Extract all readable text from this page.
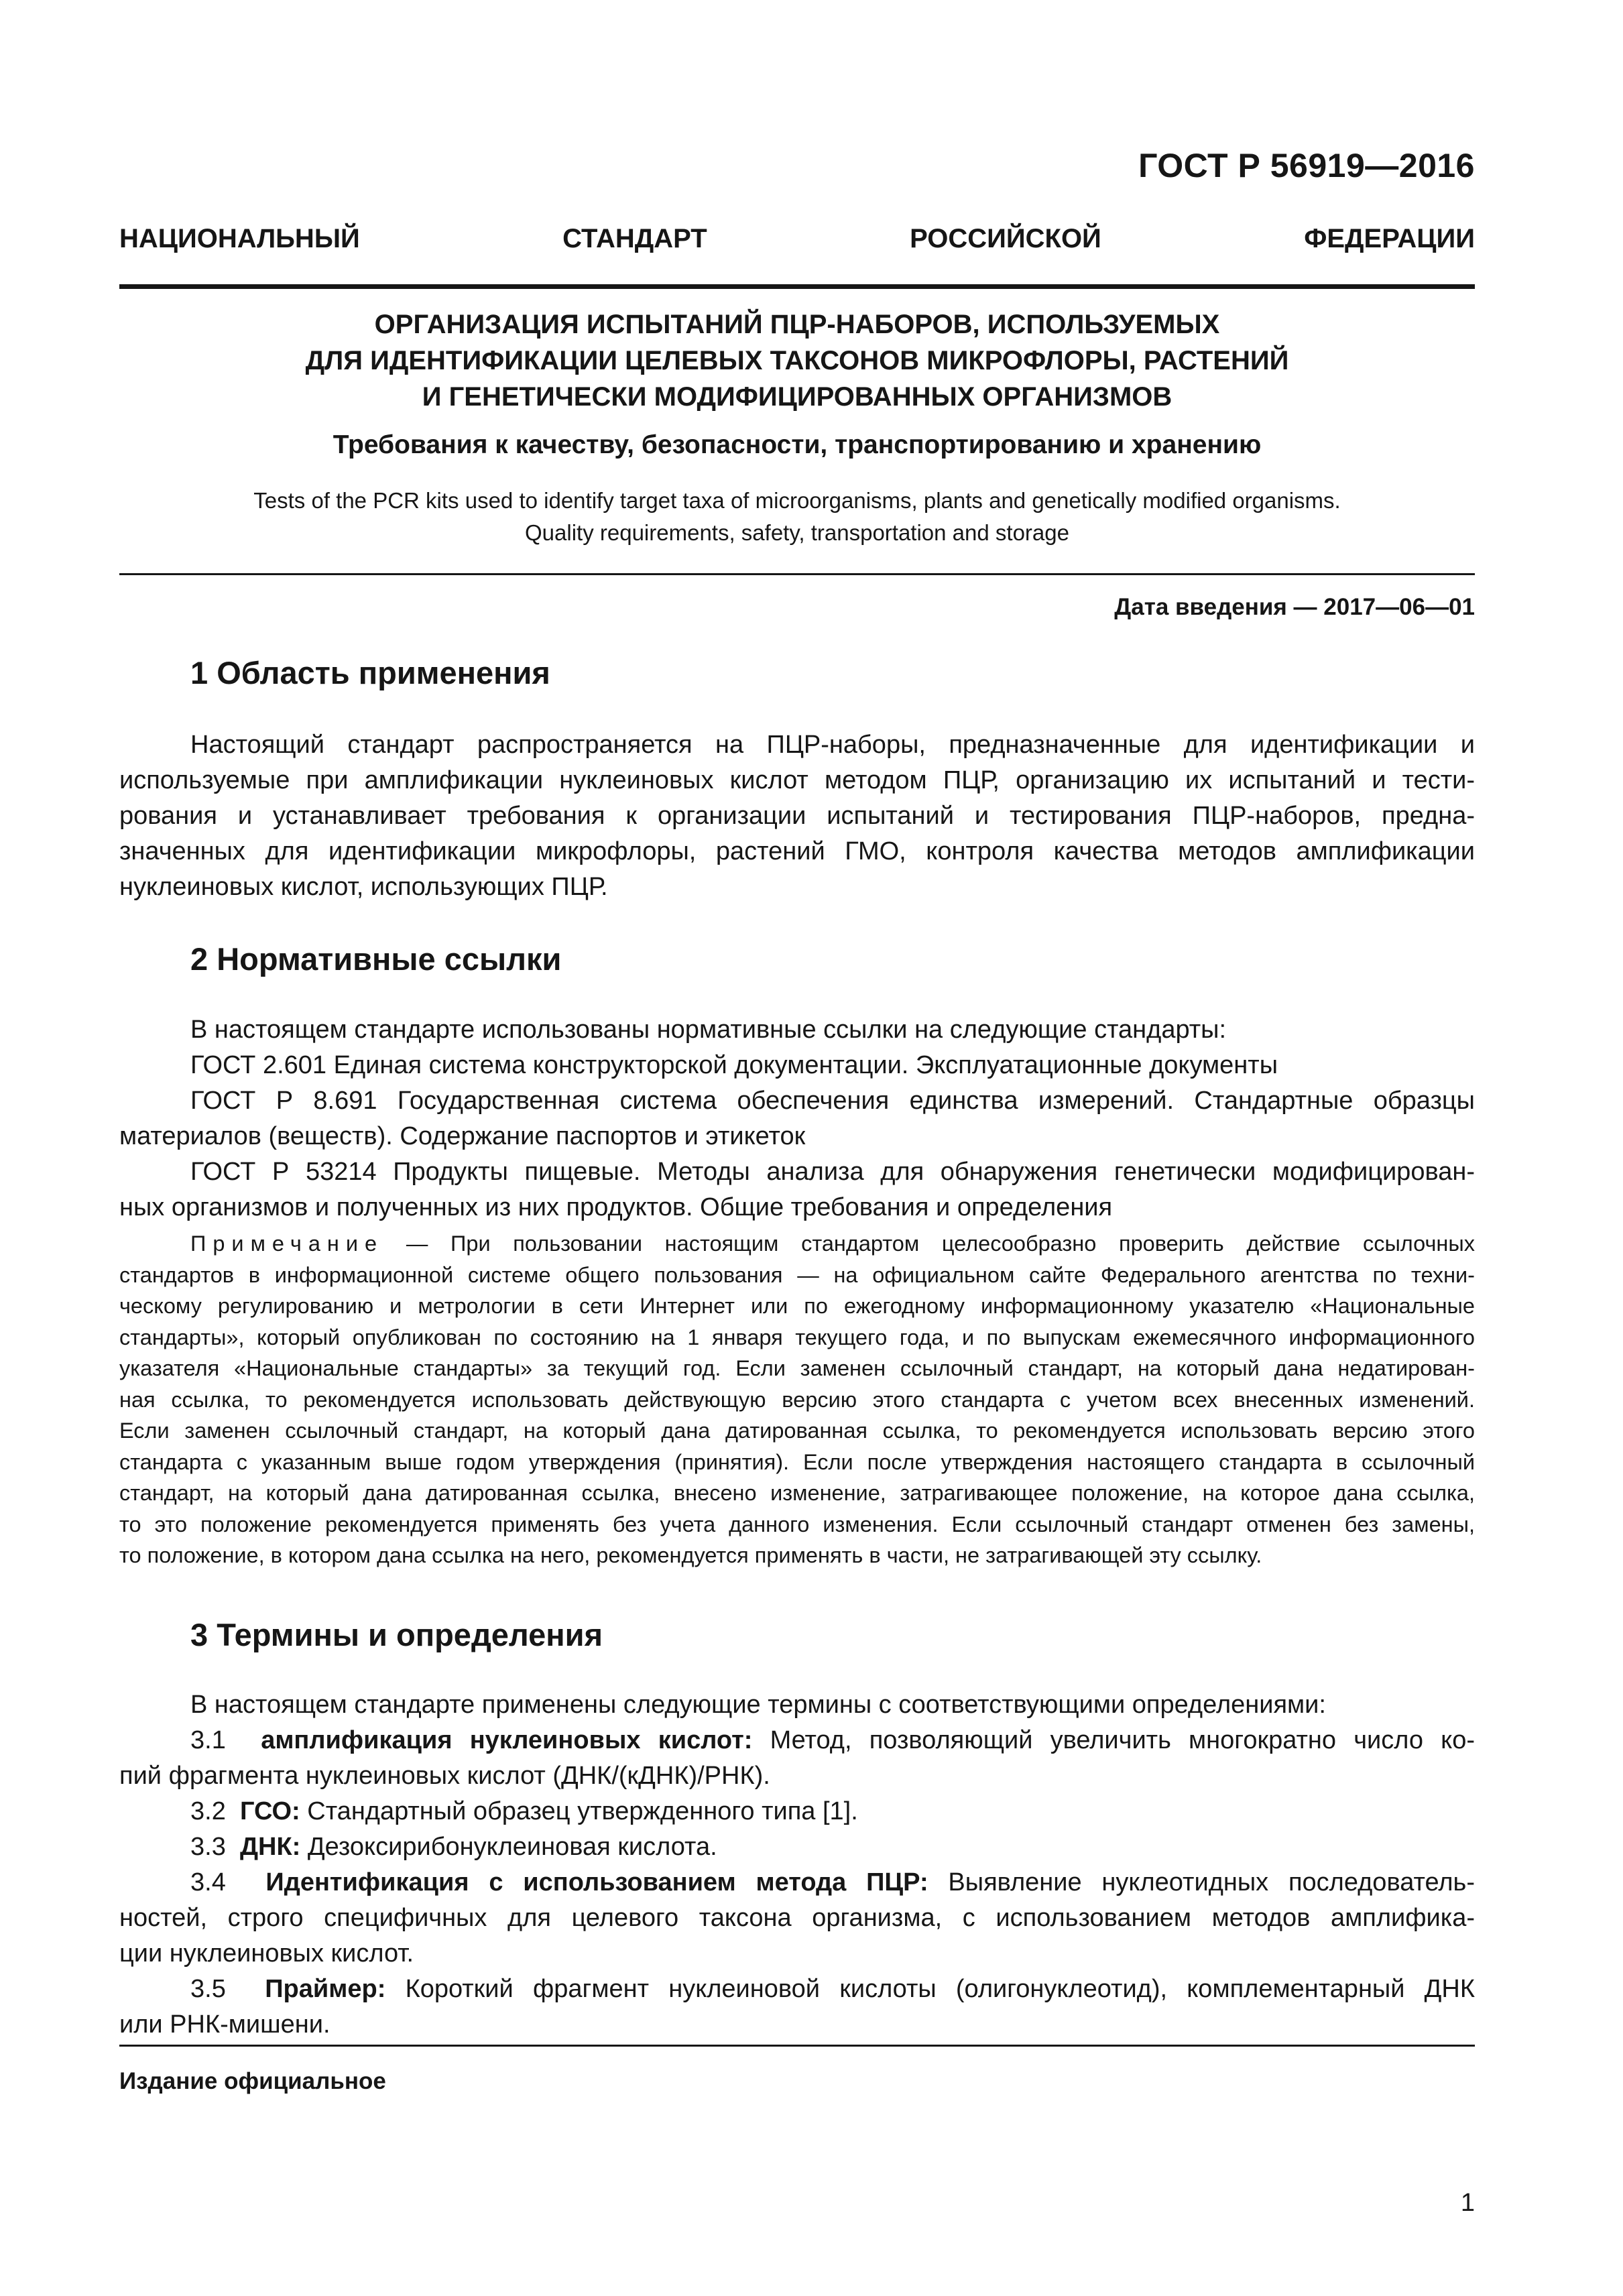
ГОСТ Р 56919—2016
НАЦИОНАЛЬНЫЙ СТАНДАРТ РОССИЙСКОЙ ФЕДЕРАЦИИ
ОРГАНИЗАЦИЯ ИСПЫТАНИЙ ПЦР-НАБОРОВ, ИСПОЛЬЗУЕМЫХ
ДЛЯ ИДЕНТИФИКАЦИИ ЦЕЛЕВЫХ ТАКСОНОВ МИКРОФЛОРЫ, РАСТЕНИЙ
И ГЕНЕТИЧЕСКИ МОДИФИЦИРОВАННЫХ ОРГАНИЗМОВ
Требования к качеству, безопасности, транспортированию и хранению
Tests of the PCR kits used to identify target taxa of microorganisms, plants and genetically modified organisms.
Quality requirements, safety, transportation and storage
Дата введения — 2017—06—01
1 Область применения
Настоящий стандарт распространяется на ПЦР-наборы, предназначенные для идентификации и
используемые при амплификации нуклеиновых кислот методом ПЦР, организацию их испытаний и тести-
рования и устанавливает требования к организации испытаний и тестирования ПЦР-наборов, предна-
значенных для идентификации микрофлоры, растений ГМО, контроля качества методов амплификации
нуклеиновых кислот, использующих ПЦР.
2 Нормативные ссылки
В настоящем стандарте использованы нормативные ссылки на следующие стандарты:
ГОСТ 2.601 Единая система конструкторской документации. Эксплуатационные документы
ГОСТ Р 8.691 Государственная система обеспечения единства измерений. Стандартные образцы
материалов (веществ). Содержание паспортов и этикеток
ГОСТ Р 53214 Продукты пищевые. Методы анализа для обнаружения генетически модифицирован-
ных организмов и полученных из них продуктов. Общие требования и определения
Примечание — При пользовании настоящим стандартом целесообразно проверить действие ссылочных
стандартов в информационной системе общего пользования — на официальном сайте Федерального агентства по техни-
ческому регулированию и метрологии в сети Интернет или по ежегодному информационному указателю «Национальные
стандарты», который опубликован по состоянию на 1 января текущего года, и по выпускам ежемесячного информационного
указателя «Национальные стандарты» за текущий год. Если заменен ссылочный стандарт, на который дана недатирован-
ная ссылка, то рекомендуется использовать действующую версию этого стандарта с учетом всех внесенных изменений.
Если заменен ссылочный стандарт, на который дана датированная ссылка, то рекомендуется использовать версию этого
стандарта с указанным выше годом утверждения (принятия). Если после утверждения настоящего стандарта в ссылочный
стандарт, на который дана датированная ссылка, внесено изменение, затрагивающее положение, на которое дана ссылка,
то это положение рекомендуется применять без учета данного изменения. Если ссылочный стандарт отменен без замены,
то положение, в котором дана ссылка на него, рекомендуется применять в части, не затрагивающей эту ссылку.
3 Термины и определения
В настоящем стандарте применены следующие термины с соответствующими определениями:
3.1 амплификация нуклеиновых кислот: Метод, позволяющий увеличить многократно число ко-
пий фрагмента нуклеиновых кислот (ДНК/(кДНК)/РНК).
3.2 ГСО: Стандартный образец утвержденного типа [1].
3.3 ДНК: Дезоксирибонуклеиновая кислота.
3.4 Идентификация с использованием метода ПЦР: Выявление нуклеотидных последователь-
ностей, строго специфичных для целевого таксона организма, с использованием методов амплифика-
ции нуклеиновых кислот.
3.5 Праймер: Короткий фрагмент нуклеиновой кислоты (олигонуклеотид), комплементарный ДНК
или РНК-мишени.
Издание официальное
1
